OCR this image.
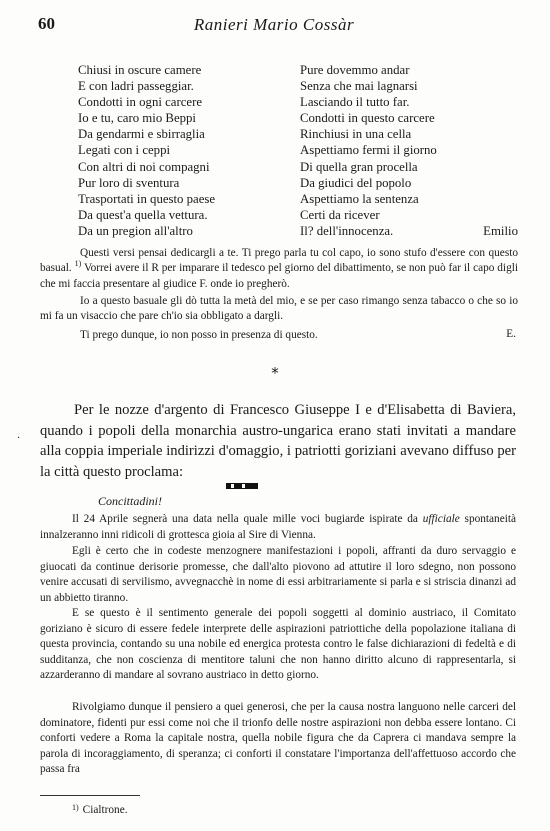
60	Ranieri Mario Cossàr
Chiusi in oscure camere
E con ladri passeggiar.
Condotti in ogni carcere
Io e tu, caro mio Beppi
Da gendarmi e sbirraglia
Legati con i ceppi
Con altri di noi compagni
Pur loro di sventura
Trasportati in questo paese
Da quest'a quella vettura.
Da un pregion all'altro
Pure dovemmo andar
Senza che mai lagnarsi
Lasciando il tutto far.
Condotti in questo carcere
Rinchiusi in una cella
Aspettiamo fermi il giorno
Di quella gran procella
Da giudici del popolo
Aspettiamo la sentenza
Certi da ricever
Il? dell'innocenza.	Emilio

Questi versi pensai dedicargli a te. Ti prego parla tu col capo, io sono stufo d'essere con questo basual. $^{1)}$ Vorrei avere il R per imparare il tedesco pel giorno del dibattimento, se non può far il capo digli che mi faccia presentare al giudice F. onde io pregherò.

Io a questo basuale gli dò tutta la metà del mio, e se per caso rimango senza tabacco o che so io mi fa un visaccio che pare ch'io sia obbligato a dargli.

Ti prego dunque, io non posso in presenza di questo.	E.
*
·

Per le nozze d'argento di Francesco Giuseppe I e d'Elisabetta di Baviera, quando i popoli della monarchia austro-ungarica erano stati invitati a mandare alla coppia imperiale indirizzi d'omaggio, i patriotti goriziani avevano diffuso per la città questo proclama:

Concittadini!

Il 24 Aprile segnerà una data nella quale mille voci bugiarde ispirate da ufficiale spontaneità innalzeranno inni ridicoli di grottesca gioia al Sire di Vienna.

Egli è certo che in codeste menzognere manifestazioni i popoli, affranti da duro servaggio e giuocati da continue derisorie promesse, che dall'alto piovono ad attutire il loro sdegno, non possono venire accusati di servilismo, avvegnacchè in nome di essi arbitrariamente si parla e si striscia dinanzi ad un abbietto tiranno.

E se questo è il sentimento generale dei popoli soggetti al dominio austriaco, il Comitato goriziano è sicuro di essere fedele interprete delle aspirazioni patriottiche della popolazione italiana di questa provincia, contando su una nobile ed energica protesta contro le false dichiarazioni di fedeltà e di sudditanza, che non coscienza di mentitore taluni che non hanno diritto alcuno di rappresentarla, si azzarderanno di mandare al sovrano austriaco in detto giorno.

Rivolgiamo dunque il pensiero a quei generosi, che per la causa nostra languono nelle carceri del dominatore, fidenti pur essi come noi che il trionfo delle nostre aspirazioni non debba essere lontano. Ci conforti vedere a Roma la capitale nostra, quella nobile figura che da Caprera ci mandava sempre la parola di incoraggiamento, di speranza; ci conforti il constatare l'importanza dell'affettuoso accordo che passa fra

$^{1)}$ Cialtrone.
